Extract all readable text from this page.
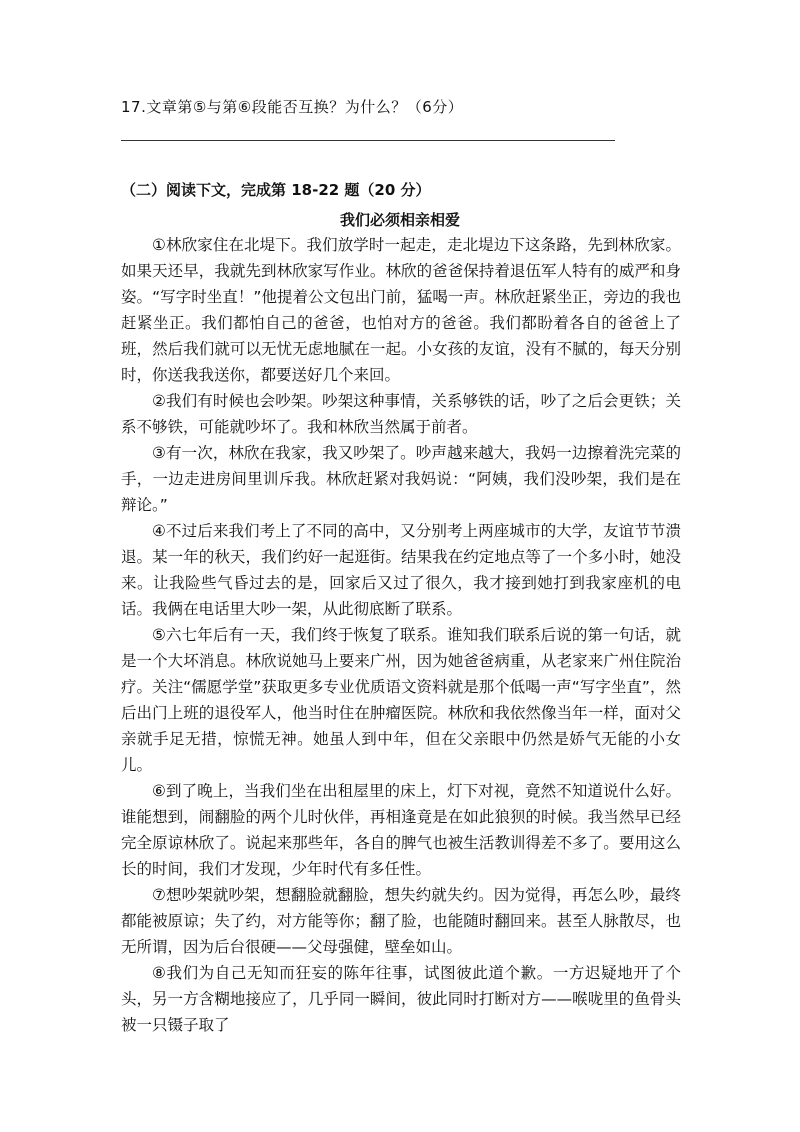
17.文章第⑤与第⑥段能否互换？为什么？（6分）
（二）阅读下文，完成第 18-22 题（20 分）
我们必须相亲相爱

①林欣家住在北堤下。我们放学时一起走，走北堤边下这条路，先到林欣家。如果天还早，我就先到林欣家写作业。林欣的爸爸保持着退伍军人特有的威严和身姿。“写字时坐直！”他提着公文包出门前，猛喝一声。林欣赶紧坐正，旁边的我也赶紧坐正。我们都怕自己的爸爸，也怕对方的爸爸。我们都盼着各自的爸爸上了班，然后我们就可以无忧无虑地腻在一起。小女孩的友谊，没有不腻的，每天分别时，你送我我送你，都要送好几个来回。

②我们有时候也会吵架。吵架这种事情，关系够铁的话，吵了之后会更铁；关系不够铁，可能就吵坏了。我和林欣当然属于前者。

③有一次，林欣在我家，我又吵架了。吵声越来越大，我妈一边擦着洗完菜的手，一边走进房间里训斥我。林欣赶紧对我妈说：“阿姨，我们没吵架，我们是在辩论。”

④不过后来我们考上了不同的高中，又分别考上两座城市的大学，友谊节节溃退。某一年的秋天，我们约好一起逛街。结果我在约定地点等了一个多小时，她没来。让我险些气昏过去的是，回家后又过了很久，我才接到她打到我家座机的电话。我俩在电话里大吵一架，从此彻底断了联系。

⑤六七年后有一天，我们终于恢复了联系。谁知我们联系后说的第一句话，就是一个大坏消息。林欣说她马上要来广州，因为她爸爸病重，从老家来广州住院治疗。关注“儒愿学堂”获取更多专业优质语文资料就是那个低喝一声“写字坐直”，然后出门上班的退役军人，他当时住在肿瘤医院。林欣和我依然像当年一样，面对父亲就手足无措，惊慌无神。她虽人到中年，但在父亲眼中仍然是娇气无能的小女儿。

⑥到了晚上，当我们坐在出租屋里的床上，灯下对视，竟然不知道说什么好。谁能想到，闹翻脸的两个儿时伙伴，再相逢竟是在如此狼狈的时候。我当然早已经完全原谅林欣了。说起来那些年，各自的脾气也被生活教训得差不多了。要用这么长的时间，我们才发现，少年时代有多任性。

⑦想吵架就吵架，想翻脸就翻脸，想失约就失约。因为觉得，再怎么吵，最终都能被原谅；失了约，对方能等你；翻了脸，也能随时翻回来。甚至人脉散尽，也无所谓，因为后台很硬——父母强健，壁垒如山。

⑧我们为自己无知而狂妄的陈年往事，试图彼此道个歉。一方迟疑地开了个头，另一方含糊地接应了，几乎同一瞬间，彼此同时打断对方——喉咙里的鱼骨头被一只镊子取了
